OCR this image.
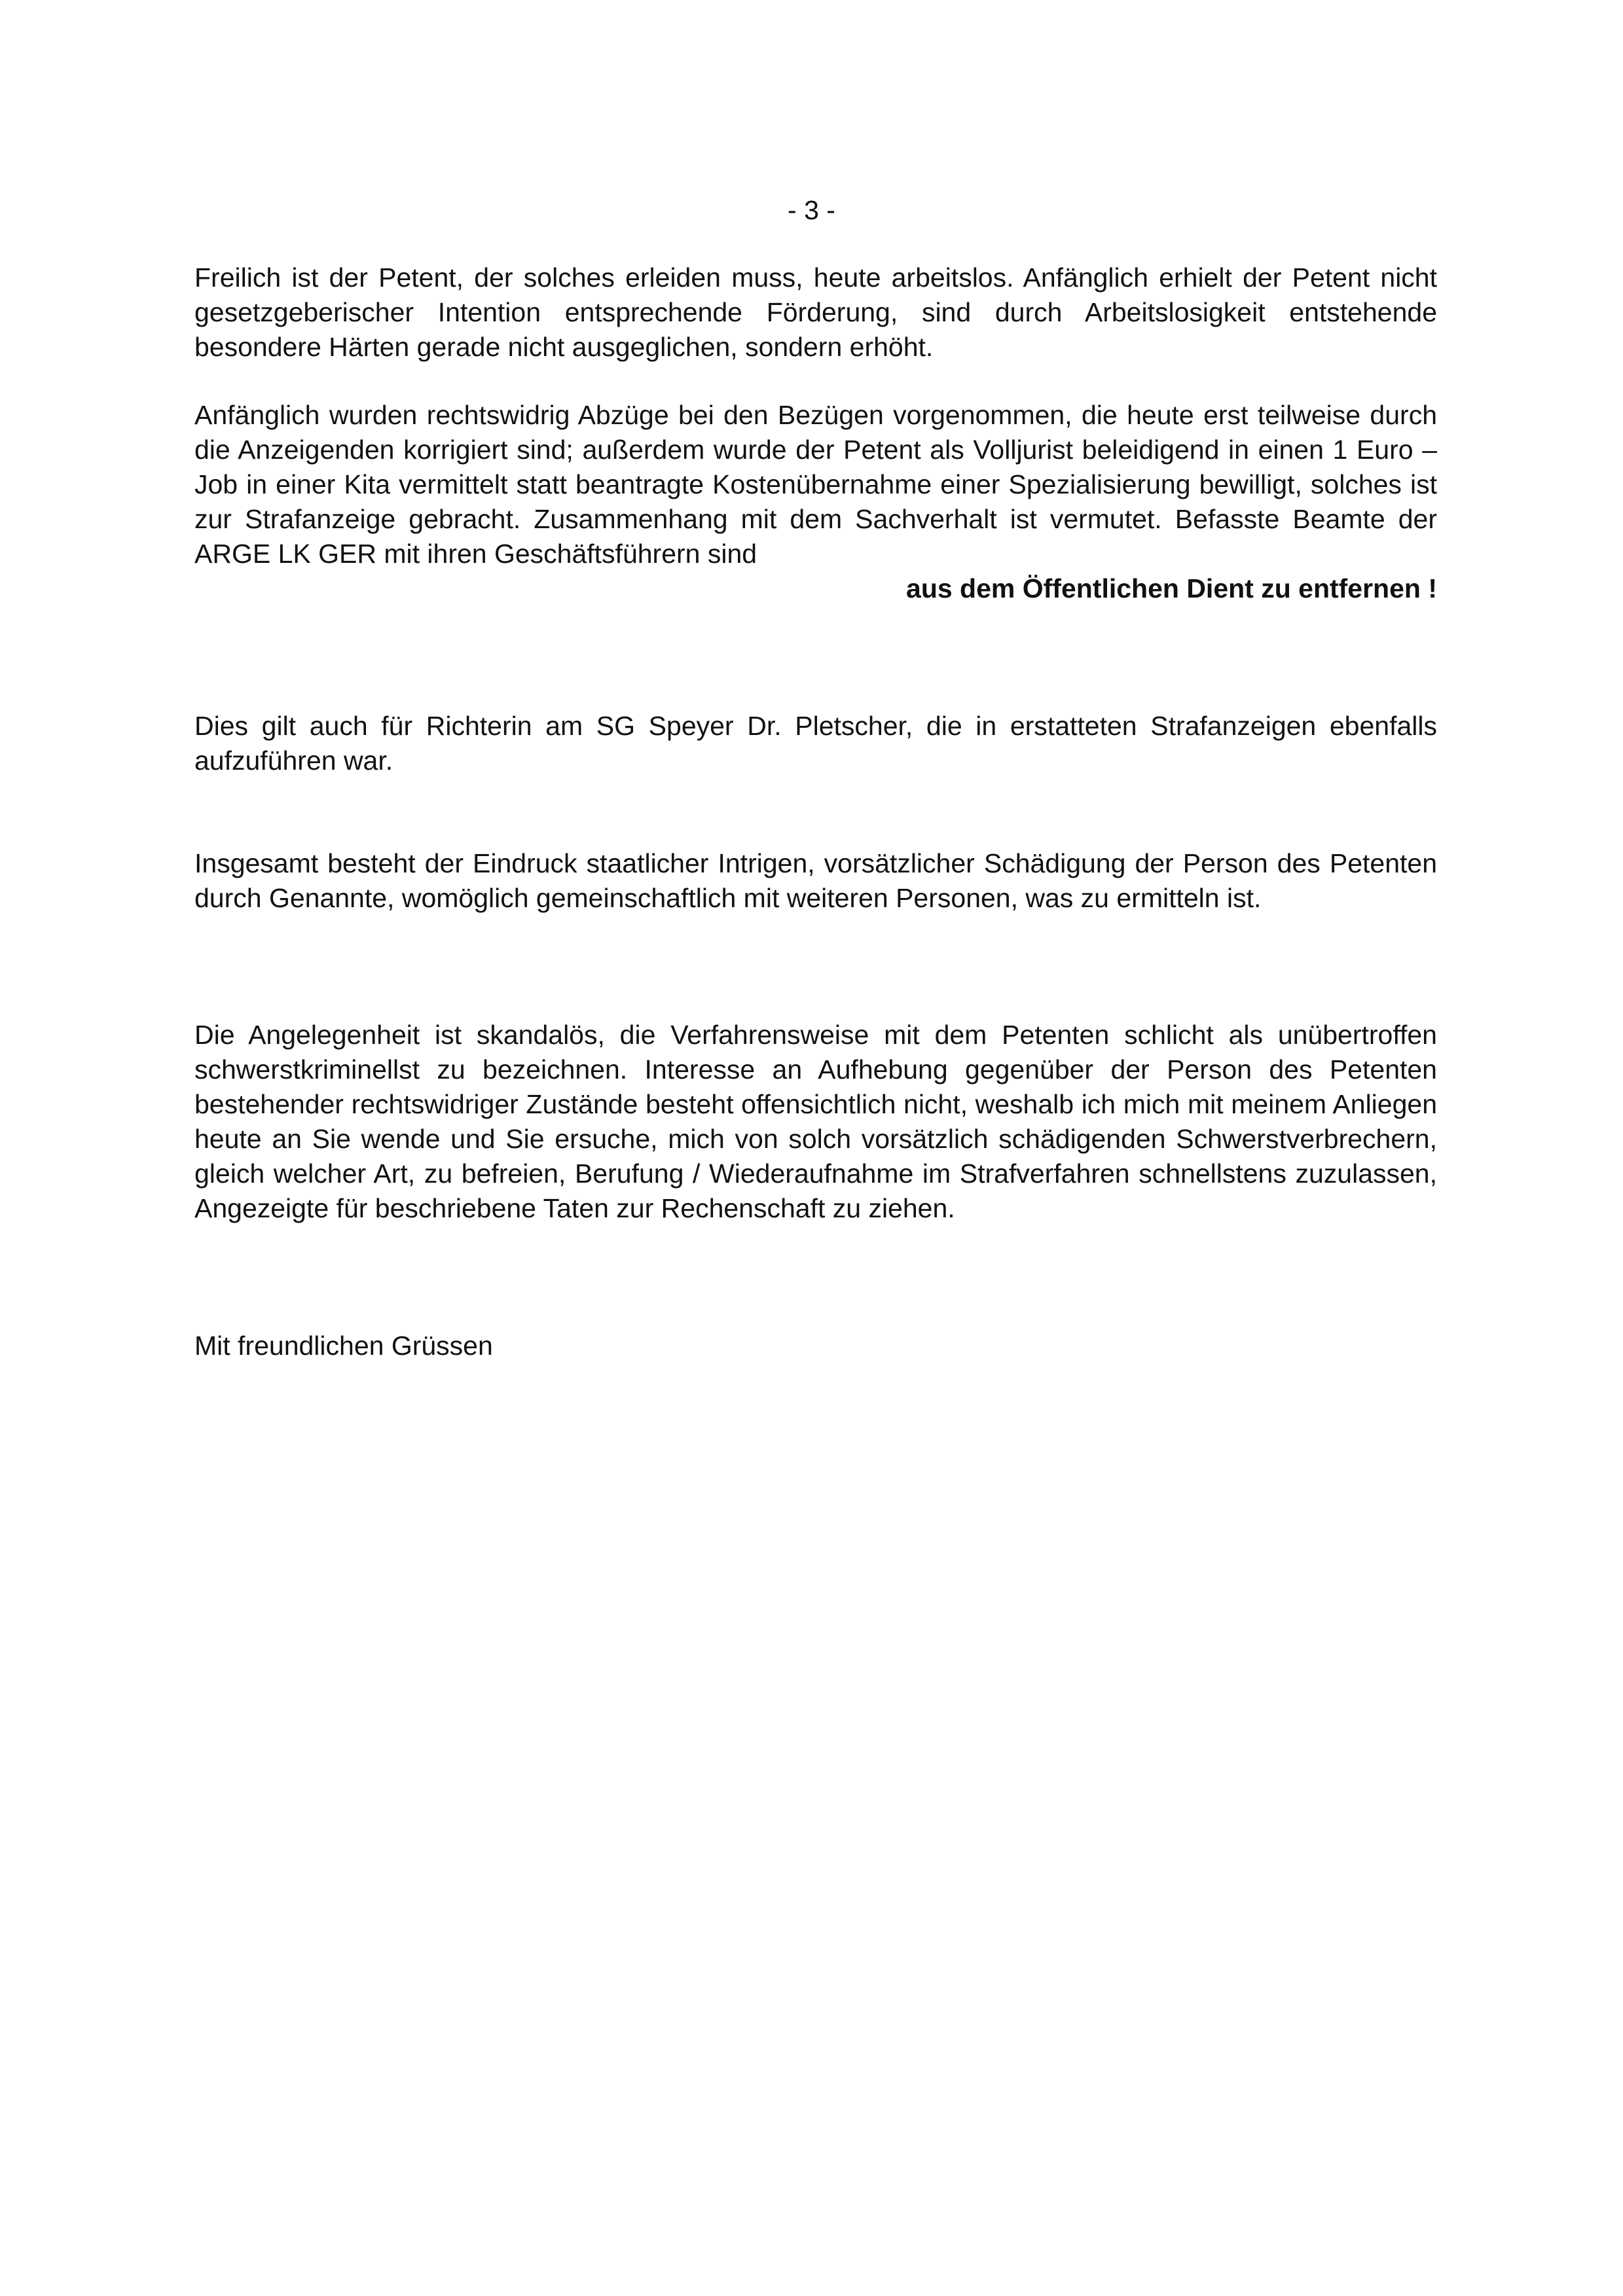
- 3 -
Freilich ist der Petent, der solches erleiden muss, heute arbeitslos. Anfänglich erhielt der Petent nicht gesetzgeberischer Intention entsprechende Förderung, sind durch Arbeitslosigkeit entstehende besondere Härten gerade nicht ausgeglichen, sondern erhöht.
Anfänglich wurden rechtswidrig Abzüge bei den Bezügen vorgenommen, die heute erst teilweise durch die Anzeigenden korrigiert sind; außerdem wurde der Petent als Volljurist beleidigend in einen 1 Euro – Job in einer Kita vermittelt statt beantragte Kostenübernahme einer Spezialisierung bewilligt, solches ist zur Strafanzeige gebracht. Zusammenhang mit dem Sachverhalt ist vermutet. Befasste Beamte der ARGE LK GER mit ihren Geschäftsführern sind
aus dem Öffentlichen Dient zu entfernen !
Dies gilt auch für Richterin am SG Speyer Dr. Pletscher, die in erstatteten Strafanzeigen ebenfalls aufzuführen war.
Insgesamt besteht der Eindruck staatlicher Intrigen, vorsätzlicher Schädigung der Person des Petenten durch Genannte, womöglich gemeinschaftlich mit weiteren Personen, was zu ermitteln ist.
Die Angelegenheit ist skandalös, die Verfahrensweise mit dem Petenten schlicht als unübertroffen schwerstkriminellst zu bezeichnen. Interesse an Aufhebung gegenüber der Person des Petenten bestehender rechtswidriger Zustände besteht offensichtlich nicht, weshalb ich mich mit meinem Anliegen heute an Sie wende und Sie ersuche, mich von solch vorsätzlich schädigenden Schwerstverbrechern, gleich welcher Art, zu befreien, Berufung / Wiederaufnahme im Strafverfahren schnellstens zuzulassen, Angezeigte für beschriebene Taten zur Rechenschaft zu ziehen.
Mit freundlichen Grüssen
